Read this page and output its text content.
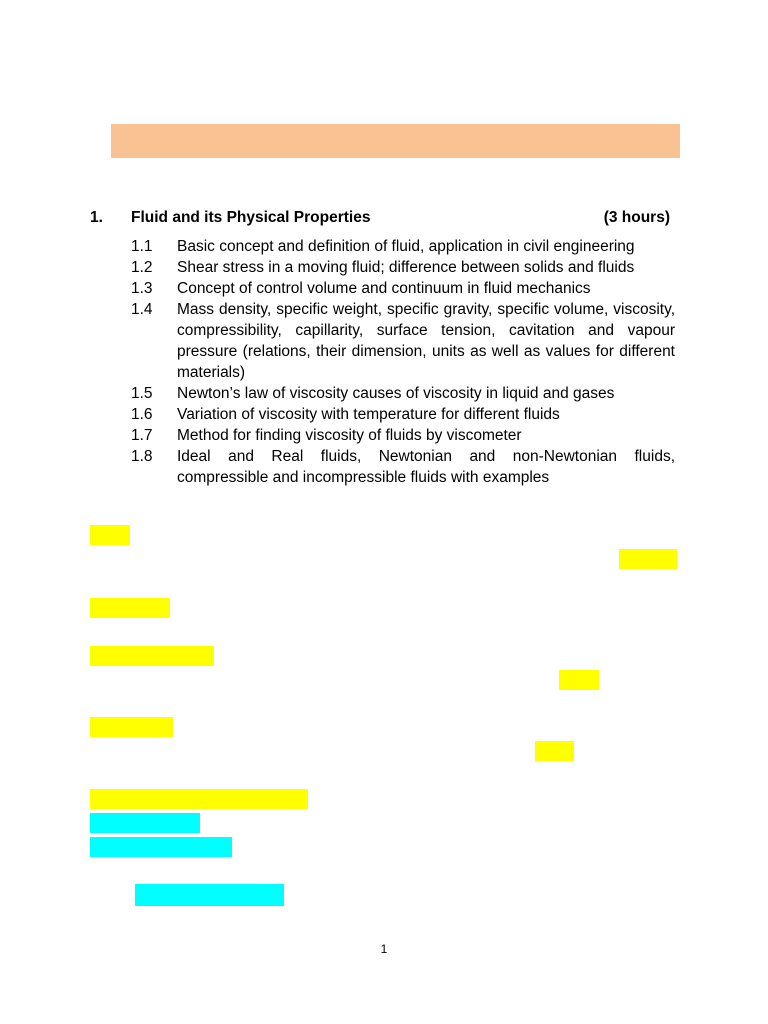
1. Fluid and its Physical Properties	(3 hours)
1.1 Basic concept and definition of fluid, application in civil engineering
1.2 Shear stress in a moving fluid; difference between solids and fluids
1.3 Concept of control volume and continuum in fluid mechanics
1.4 Mass density, specific weight, specific gravity, specific volume, viscosity, compressibility, capillarity, surface tension, cavitation and vapour pressure (relations, their dimension, units as well as values for different materials)
1.5 Newton’s law of viscosity causes of viscosity in liquid and gases
1.6 Variation of viscosity with temperature for different fluids
1.7 Method for finding viscosity of fluids by viscometer
1.8 Ideal and Real fluids, Newtonian and non-Newtonian fluids, compressible and incompressible fluids with examples
1
